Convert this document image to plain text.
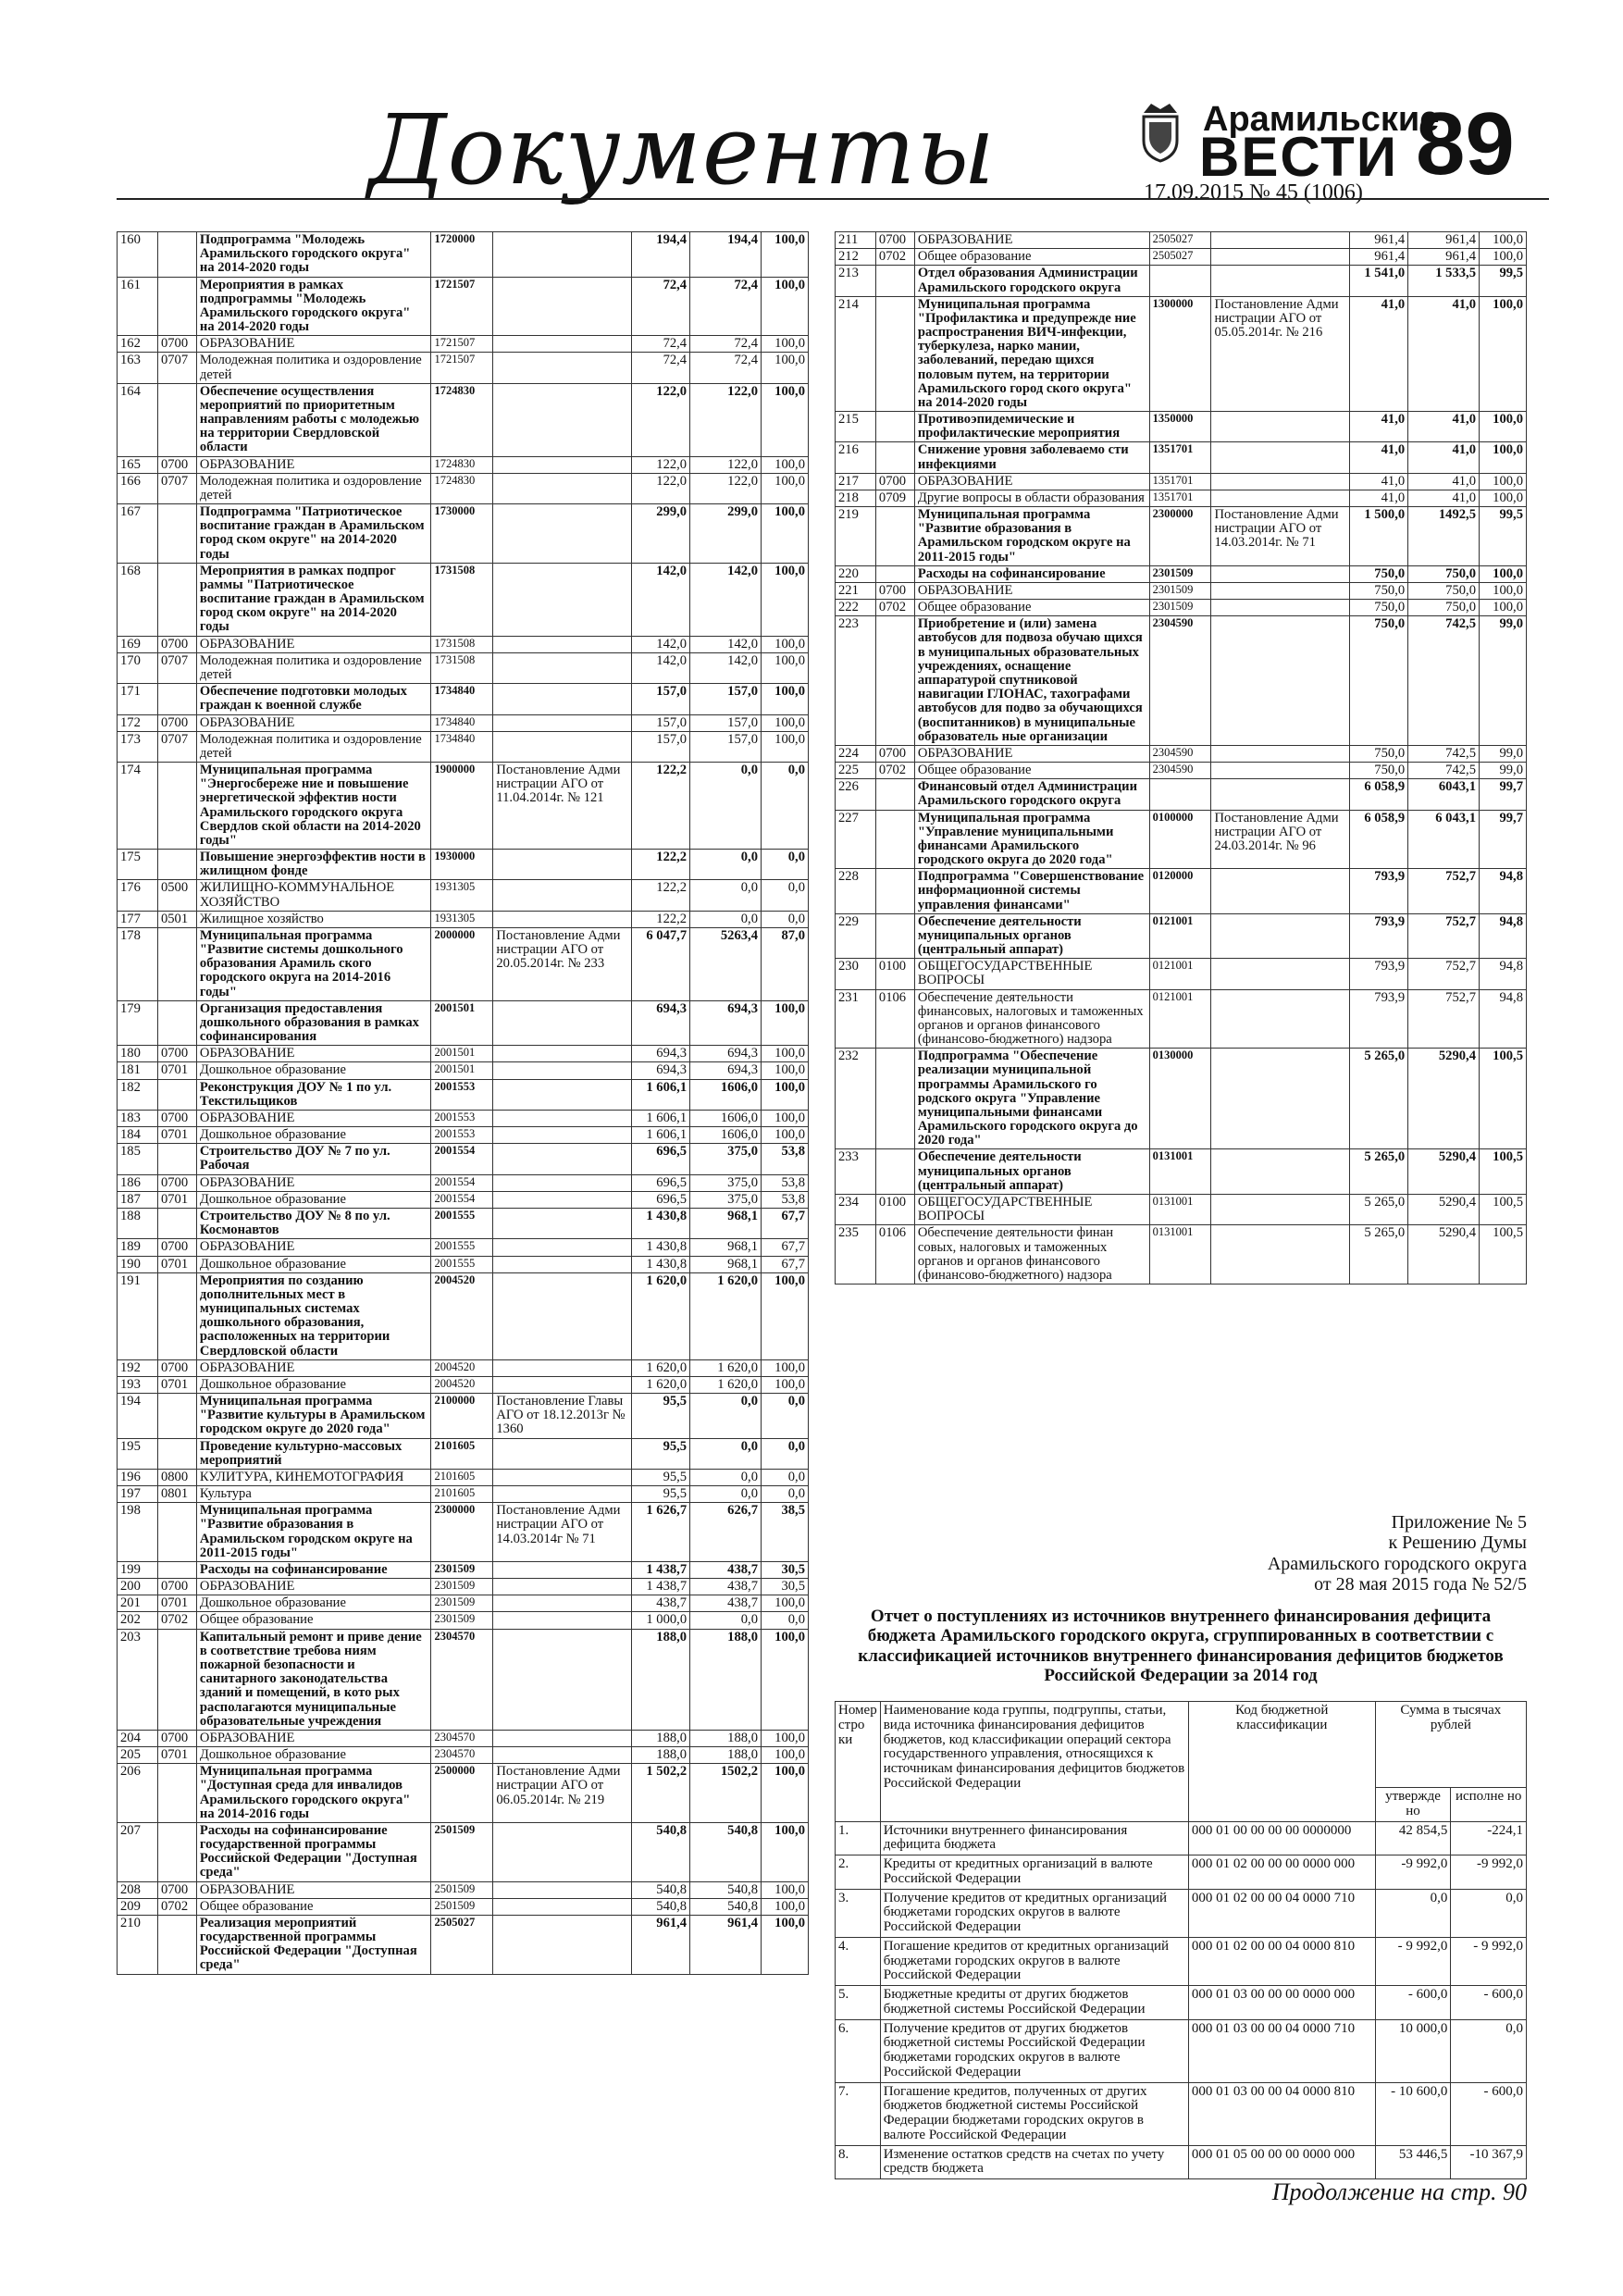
Документы	Арамильские
ВЕСТИ 89
17.09.2015 № 45 (1006)
160		Подпрограмма "Молодежь Арамильского городского округа" на 2014-2020 годы	1720000		194,4	194,4	100,0
161		Мероприятия в рамках подпрограммы "Молодежь Арамильского городского округа" на 2014-2020 годы	1721507		72,4	72,4	100,0
162	0700	ОБРАЗОВАНИЕ	1721507		72,4	72,4	100,0
163	0707	Молодежная политика и оздоровление детей	1721507		72,4	72,4	100,0
164		Обеспечение осуществления мероприятий по приоритетным направлениям работы с молодежью на территории Свердловской области	1724830		122,0	122,0	100,0
165	0700	ОБРАЗОВАНИЕ	1724830		122,0	122,0	100,0
166	0707	Молодежная политика и оздоровление детей	1724830		122,0	122,0	100,0
167		Подпрограмма "Патриотическое воспитание граждан в Арамильском город ском округе" на 2014-2020 годы	1730000		299,0	299,0	100,0
168		Мероприятия в рамках подпрог раммы "Патриотическое воспитание граждан в Арамильском город ском округе" на 2014-2020 годы	1731508		142,0	142,0	100,0
169	0700	ОБРАЗОВАНИЕ	1731508		142,0	142,0	100,0
170	0707	Молодежная политика и оздоровление детей	1731508		142,0	142,0	100,0
171		Обеспечение подготовки молодых граждан к военной службе	1734840		157,0	157,0	100,0
172	0700	ОБРАЗОВАНИЕ	1734840		157,0	157,0	100,0
173	0707	Молодежная политика и оздоровление детей	1734840		157,0	157,0	100,0
174		Муниципальная программа "Энергосбереже ние и повышение энергетической эффектив ности Арамильского городского округа Свердлов ской области на 2014-2020 годы"	1900000	Постановление Адми нистрации АГО от 11.04.2014г. № 121	122,2	0,0	0,0
175		Повышение энергоэффектив ности в жилищном фонде	1930000		122,2	0,0	0,0
176	0500	ЖИЛИЩНО-КОММУНАЛЬНОЕ ХОЗЯЙСТВО	1931305		122,2	0,0	0,0
177	0501	Жилищное хозяйство	1931305		122,2	0,0	0,0
178		Муниципальная программа "Развитие системы дошкольного образования Арамиль ского городского округа на 2014-2016 годы"	2000000	Постановление Адми нистрации АГО от 20.05.2014г. № 233	6 047,7	5263,4	87,0
179		Организация предоставления дошкольного образования в рамках софинансирования	2001501		694,3	694,3	100,0
180	0700	ОБРАЗОВАНИЕ	2001501		694,3	694,3	100,0
181	0701	Дошкольное образование	2001501		694,3	694,3	100,0
182		Реконструкция ДОУ № 1 по ул. Текстильщиков	2001553		1 606,1	1606,0	100,0
183	0700	ОБРАЗОВАНИЕ	2001553		1 606,1	1606,0	100,0
184	0701	Дошкольное образование	2001553		1 606,1	1606,0	100,0
185		Строительство ДОУ № 7 по ул. Рабочая	2001554		696,5	375,0	53,8
186	0700	ОБРАЗОВАНИЕ	2001554		696,5	375,0	53,8
187	0701	Дошкольное образование	2001554		696,5	375,0	53,8
188		Строительство ДОУ № 8 по ул. Космонавтов	2001555		1 430,8	968,1	67,7
189	0700	ОБРАЗОВАНИЕ	2001555		1 430,8	968,1	67,7
190	0701	Дошкольное образование	2001555		1 430,8	968,1	67,7
191		Мероприятия по созданию дополнительных мест в муниципальных системах дошкольного образования, расположенных на территории Свердловской области	2004520		1 620,0	1 620,0	100,0
192	0700	ОБРАЗОВАНИЕ	2004520		1 620,0	1 620,0	100,0
193	0701	Дошкольное образование	2004520		1 620,0	1 620,0	100,0
194		Муниципальная программа "Развитие культуры в Арамильском городском округе до 2020 года"	2100000	Постановление Главы АГО от 18.12.2013г № 1360	95,5	0,0	0,0
195		Проведение культурно-массовых мероприятий	2101605		95,5	0,0	0,0
196	0800	КУЛИТУРА, КИНЕМОТОГРАФИЯ	2101605		95,5	0,0	0,0
197	0801	Культура	2101605		95,5	0,0	0,0
198		Муниципальная программа "Развитие образования в Арамильском городском округе на 2011-2015 годы"	2300000	Постановление Адми нистрации АГО от 14.03.2014г № 71	1 626,7	626,7	38,5
199		Расходы на софинансирование	2301509		1 438,7	438,7	30,5
200	0700	ОБРАЗОВАНИЕ	2301509		1 438,7	438,7	30,5
201	0701	Дошкольное образование	2301509		438,7	438,7	100,0
202	0702	Общее образование	2301509		1 000,0	0,0	0,0
203		Капитальный ремонт и приве дение в соответствие требова ниям пожарной безопасности и санитарного законодательства зданий и помещений, в кото рых располагаются муниципальные образовательные учреждения	2304570		188,0	188,0	100,0
204	0700	ОБРАЗОВАНИЕ	2304570		188,0	188,0	100,0
205	0701	Дошкольное образование	2304570		188,0	188,0	100,0
206		Муниципальная программа "Доступная среда для инвалидов Арамильского городского округа" на 2014-2016 годы	2500000	Постановление Адми нистрации АГО от 06.05.2014г. № 219	1 502,2	1502,2	100,0
207		Расходы на софинансирование государственной программы Российской Федерации "Доступная среда"	2501509		540,8	540,8	100,0
208	0700	ОБРАЗОВАНИЕ	2501509		540,8	540,8	100,0
209	0702	Общее образование	2501509		540,8	540,8	100,0
210		Реализация мероприятий государственной программы Российской Федерации "Доступная среда"	2505027		961,4	961,4	100,0
211	0700	ОБРАЗОВАНИЕ	2505027		961,4	961,4	100,0
212	0702	Общее образование	2505027		961,4	961,4	100,0
213		Отдел образования Администрации Арамильского городского округа			1 541,0	1 533,5	99,5
214		Муниципальная программа "Профилактика и предупрежде ние распространения ВИЧ-инфекции, туберкулеза, нарко мании, заболеваний, передаю щихся половым путем, на территории Арамильского город ского округа" на 2014-2020 годы	1300000	Постановление Адми нистрации АГО от 05.05.2014г. № 216	41,0	41,0	100,0
215		Противоэпидемические и профилактические мероприятия	1350000		41,0	41,0	100,0
216		Снижение уровня заболеваемо сти инфекциями	1351701		41,0	41,0	100,0
217	0700	ОБРАЗОВАНИЕ	1351701		41,0	41,0	100,0
218	0709	Другие вопросы в области образования	1351701		41,0	41,0	100,0
219		Муниципальная программа "Развитие образования в Арамильском городском округе на 2011-2015 годы"	2300000	Постановление Адми нистрации АГО от 14.03.2014г. № 71	1 500,0	1492,5	99,5
220		Расходы на софинансирование	2301509		750,0	750,0	100,0
221	0700	ОБРАЗОВАНИЕ	2301509		750,0	750,0	100,0
222	0702	Общее образование	2301509		750,0	750,0	100,0
223		Приобретение и (или) замена автобусов для подвоза обучаю щихся в муниципальных образовательных учреждениях, оснащение аппаратурой спутниковой навигации ГЛОНАС, тахографами автобусов для подво за обучающихся (воспитанников) в муниципальные образователь ные организации	2304590		750,0	742,5	99,0
224	0700	ОБРАЗОВАНИЕ	2304590		750,0	742,5	99,0
225	0702	Общее образование	2304590		750,0	742,5	99,0
226		Финансовый отдел Администрации Арамильского городского округа			6 058,9	6043,1	99,7
227		Муниципальная программа "Управление муниципальными финансами Арамильского городского округа до 2020 года"	0100000	Постановление Адми нистрации АГО от 24.03.2014г. № 96	6 058,9	6 043,1	99,7
228		Подпрограмма "Совершенствование информационной системы управления финансами"	0120000		793,9	752,7	94,8
229		Обеспечение деятельности муниципальных органов (центральный аппарат)	0121001		793,9	752,7	94,8
230	0100	ОБЩЕГОСУДАРСТВЕННЫЕ ВОПРОСЫ	0121001		793,9	752,7	94,8
231	0106	Обеспечение деятельности финансовых, налоговых и таможенных органов и органов финансового (финансово-бюджетного) надзора	0121001		793,9	752,7	94,8
232		Подпрограмма "Обеспечение реализации муниципальной программы Арамильского го родского округа "Управление муниципальными финансами Арамильского городского округа до 2020 года"	0130000		5 265,0	5290,4	100,5
233		Обеспечение деятельности муниципальных органов (центральный аппарат)	0131001		5 265,0	5290,4	100,5
234	0100	ОБЩЕГОСУДАРСТВЕННЫЕ ВОПРОСЫ	0131001		5 265,0	5290,4	100,5
235	0106	Обеспечение деятельности финан совых, налоговых и таможенных органов и органов финансового (финансово-бюджетного) надзора	0131001		5 265,0	5290,4	100,5
Приложение № 5
к Решению Думы
Арамильского городского округа
от 28 мая 2015 года № 52/5
Отчет о поступлениях из источников внутреннего финансирования дефицита бюджета Арамильского городского округа, сгруппированных в соответствии с классификацией источников внутреннего финансирования дефицитов бюджетов Российской Федерации за 2014 год
Номер стро ки	Наименование кода группы, подгруппы, статьи, вида источника финансирования дефицитов бюджетов, код классификации операций сектора государственного управления, относящихся к источникам финансирования дефицитов бюджетов Российской Федерации	Код бюджетной классификации	Сумма в тысячах рублей	
			утвержде но	исполне но
1.	Источники внутреннего финансирования дефицита бюджета	000 01 00 00 00 00 0000000	42 854,5	-224,1
2.	Кредиты от кредитных организаций в валюте Российской Федерации	000 01 02 00 00 00 0000 000	-9 992,0	-9 992,0
3.	Получение кредитов от кредитных организаций бюджетами городских округов в валюте Российской Федерации	000 01 02 00 00 04 0000 710	0,0	0,0
4.	Погашение кредитов от кредитных организаций бюджетами городских округов в валюте Российской Федерации	000 01 02 00 00 04 0000 810	- 9 992,0	- 9 992,0
5.	Бюджетные кредиты от других бюджетов бюджетной системы Российской Федерации	000 01 03 00 00 00 0000 000	- 600,0	- 600,0
6.	Получение кредитов от других бюджетов бюджетной системы Российской Федерации бюджетами городских округов в валюте Российской Федерации	000 01 03 00 00 04 0000 710	10 000,0	0,0
7.	Погашение кредитов, полученных от других бюджетов бюджетной системы Российской Федерации бюджетами городских округов в валюте Российской Федерации	000 01 03 00 00 04 0000 810	- 10 600,0	- 600,0
8.	Изменение остатков средств на счетах по учету средств бюджета	000 01 05 00 00 00 0000 000	53 446,5	-10 367,9
Продолжение на стр. 90
